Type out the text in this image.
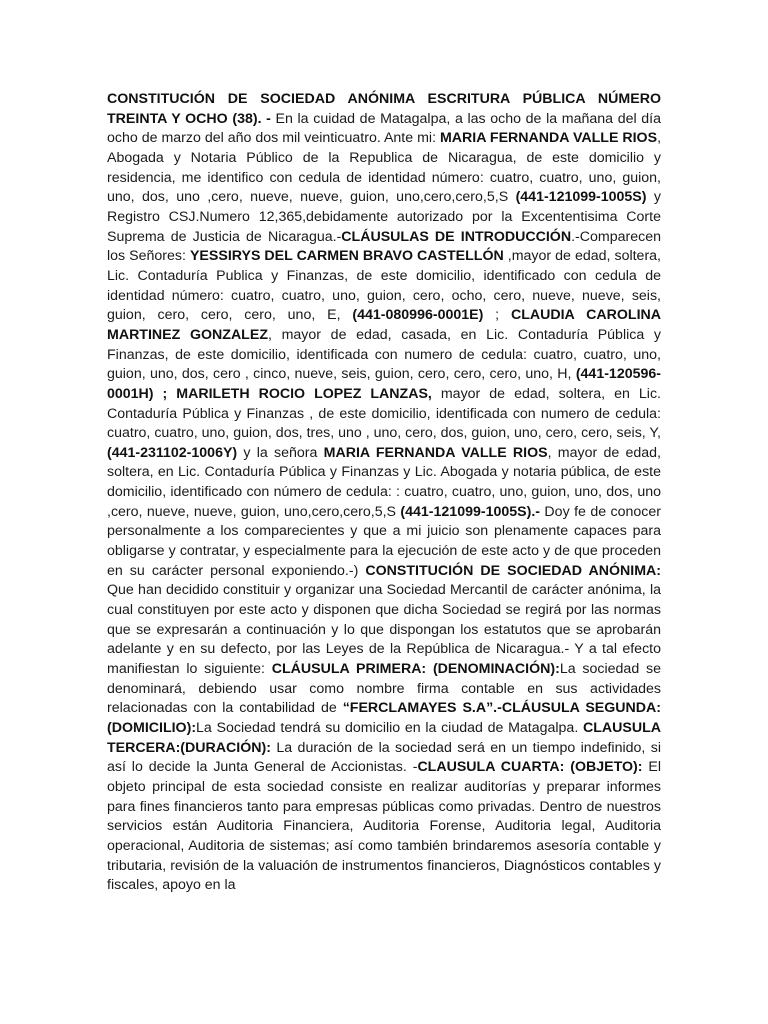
CONSTITUCIÓN DE SOCIEDAD ANÓNIMA ESCRITURA PÚBLICA NÚMERO TREINTA Y OCHO (38). - En la cuidad de Matagalpa, a las ocho de la mañana del día ocho de marzo del año dos mil veinticuatro. Ante mi: MARIA FERNANDA VALLE RIOS, Abogada y Notaria Público de la Republica de Nicaragua, de este domicilio y residencia, me identifico con cedula de identidad número: cuatro, cuatro, uno, guion, uno, dos, uno ,cero, nueve, nueve, guion, uno,cero,cero,5,S (441-121099-1005S) y Registro CSJ.Numero 12,365,debidamente autorizado por la Excententisima Corte Suprema de Justicia de Nicaragua.-CLÁUSULAS DE INTRODUCCIÓN.-Comparecen los Señores: YESSIRYS DEL CARMEN BRAVO CASTELLÓN ,mayor de edad, soltera, Lic. Contaduría Publica y Finanzas, de este domicilio, identificado con cedula de identidad número: cuatro, cuatro, uno, guion, cero, ocho, cero, nueve, nueve, seis, guion, cero, cero, cero, uno, E, (441-080996-0001E) ; CLAUDIA CAROLINA MARTINEZ GONZALEZ, mayor de edad, casada, en Lic. Contaduría Pública y Finanzas, de este domicilio, identificada con numero de cedula: cuatro, cuatro, uno, guion, uno, dos, cero , cinco, nueve, seis, guion, cero, cero, cero, uno, H, (441-120596-0001H) ; MARILETH ROCIO LOPEZ LANZAS, mayor de edad, soltera, en Lic. Contaduría Pública y Finanzas , de este domicilio, identificada con numero de cedula: cuatro, cuatro, uno, guion, dos, tres, uno , uno, cero, dos, guion, uno, cero, cero, seis, Y, (441-231102-1006Y) y la señora MARIA FERNANDA VALLE RIOS, mayor de edad, soltera, en Lic. Contaduría Pública y Finanzas y Lic. Abogada y notaria pública, de este domicilio, identificado con número de cedula: : cuatro, cuatro, uno, guion, uno, dos, uno ,cero, nueve, nueve, guion, uno,cero,cero,5,S (441-121099-1005S).- Doy fe de conocer personalmente a los comparecientes y que a mi juicio son plenamente capaces para obligarse y contratar, y especialmente para la ejecución de este acto y de que proceden en su carácter personal exponiendo.-) CONSTITUCIÓN DE SOCIEDAD ANÓNIMA: Que han decidido constituir y organizar una Sociedad Mercantil de carácter anónima, la cual constituyen por este acto y disponen que dicha Sociedad se regirá por las normas que se expresarán a continuación y lo que dispongan los estatutos que se aprobarán adelante y en su defecto, por las Leyes de la República de Nicaragua.- Y a tal efecto manifiestan lo siguiente: CLÁUSULA PRIMERA: (DENOMINACIÓN):La sociedad se denominará, debiendo usar como nombre firma contable en sus actividades relacionadas con la contabilidad de “FERCLAMAYES S.A”.-CLÁUSULA SEGUNDA: (DOMICILIO):La Sociedad tendrá su domicilio en la ciudad de Matagalpa. CLAUSULA TERCERA:(DURACIÓN): La duración de la sociedad será en un tiempo indefinido, si así lo decide la Junta General de Accionistas. -CLAUSULA CUARTA: (OBJETO): El objeto principal de esta sociedad consiste en realizar auditorías y preparar informes para fines financieros tanto para empresas públicas como privadas. Dentro de nuestros servicios están Auditoria Financiera, Auditoria Forense, Auditoria legal, Auditoria operacional, Auditoria de sistemas; así como también brindaremos asesoría contable y tributaria, revisión de la valuación de instrumentos financieros, Diagnósticos contables y fiscales, apoyo en la
